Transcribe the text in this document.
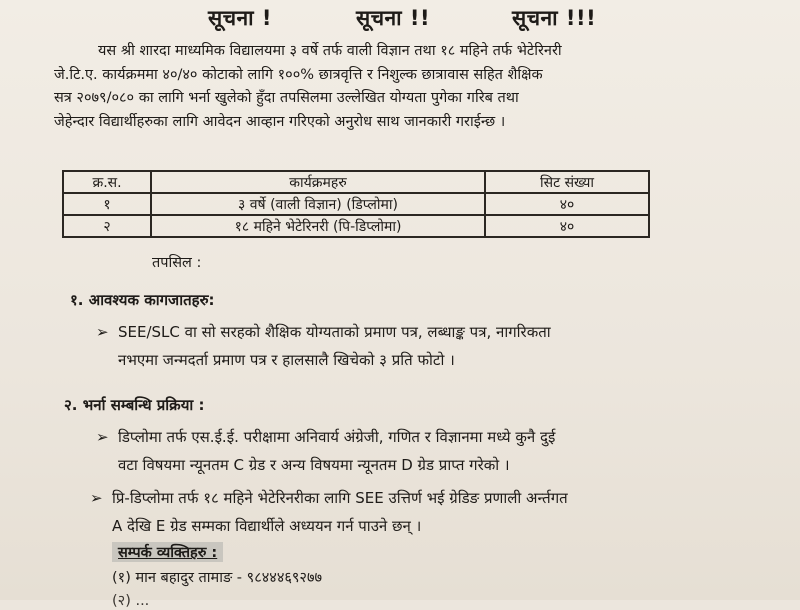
सूचना !	सूचना !!	सूचना !!!
यस श्री शारदा माध्यमिक विद्यालयमा ३ वर्षे तर्फ वाली विज्ञान तथा १८ महिने तर्फ भेटेरिनरी
जे.टि.ए. कार्यक्रममा ४०/४० कोटाको लागि १००% छात्रवृत्ति र निशुल्क छात्रावास सहित शैक्षिक
सत्र २०७९/०८० का लागि भर्ना खुलेको हुँदा तपसिलमा उल्लेखित योग्यता पुगेका गरिब तथा
जेहेन्दार विद्यार्थीहरुका लागि आवेदन आव्हान गरिएको अनुरोध साथ जानकारी गराईन्छ ।
क्र.स.	कार्यक्रमहरु	सिट संख्या
१	३ वर्षे (वाली विज्ञान) (डिप्लोमा)	४०
२	१८ महिने भेटेरिनरी (पि-डिप्लोमा)	४०
तपसिल :
१. आवश्यक कागजातहरु:
➢ SEE/SLC वा सो सरहको शैक्षिक योग्यताको प्रमाण पत्र, लब्धाङ्क पत्र, नागरिकता
नभएमा जन्मदर्ता प्रमाण पत्र र हालसालै खिचेको ३ प्रति फोटो ।
२. भर्ना सम्बन्धि प्रक्रिया :
➢ डिप्लोमा तर्फ एस.ई.ई. परीक्षामा अनिवार्य अंग्रेजी, गणित र विज्ञानमा मध्ये कुनै दुई
वटा विषयमा न्यूनतम C ग्रेड र अन्य विषयमा न्यूनतम D ग्रेड प्राप्त गरेको ।
➢ प्रि-डिप्लोमा तर्फ १८ महिने भेटेरिनरीका लागि SEE उत्तिर्ण भई ग्रेडिङ प्रणाली अर्न्तगत
A देखि E ग्रेड सम्मका विद्यार्थीले अध्ययन गर्न पाउने छन् ।
सम्पर्क व्यक्तिहरु :
(१) मान बहादुर तामाङ - ९८४४४६९२७७
(२) ...
